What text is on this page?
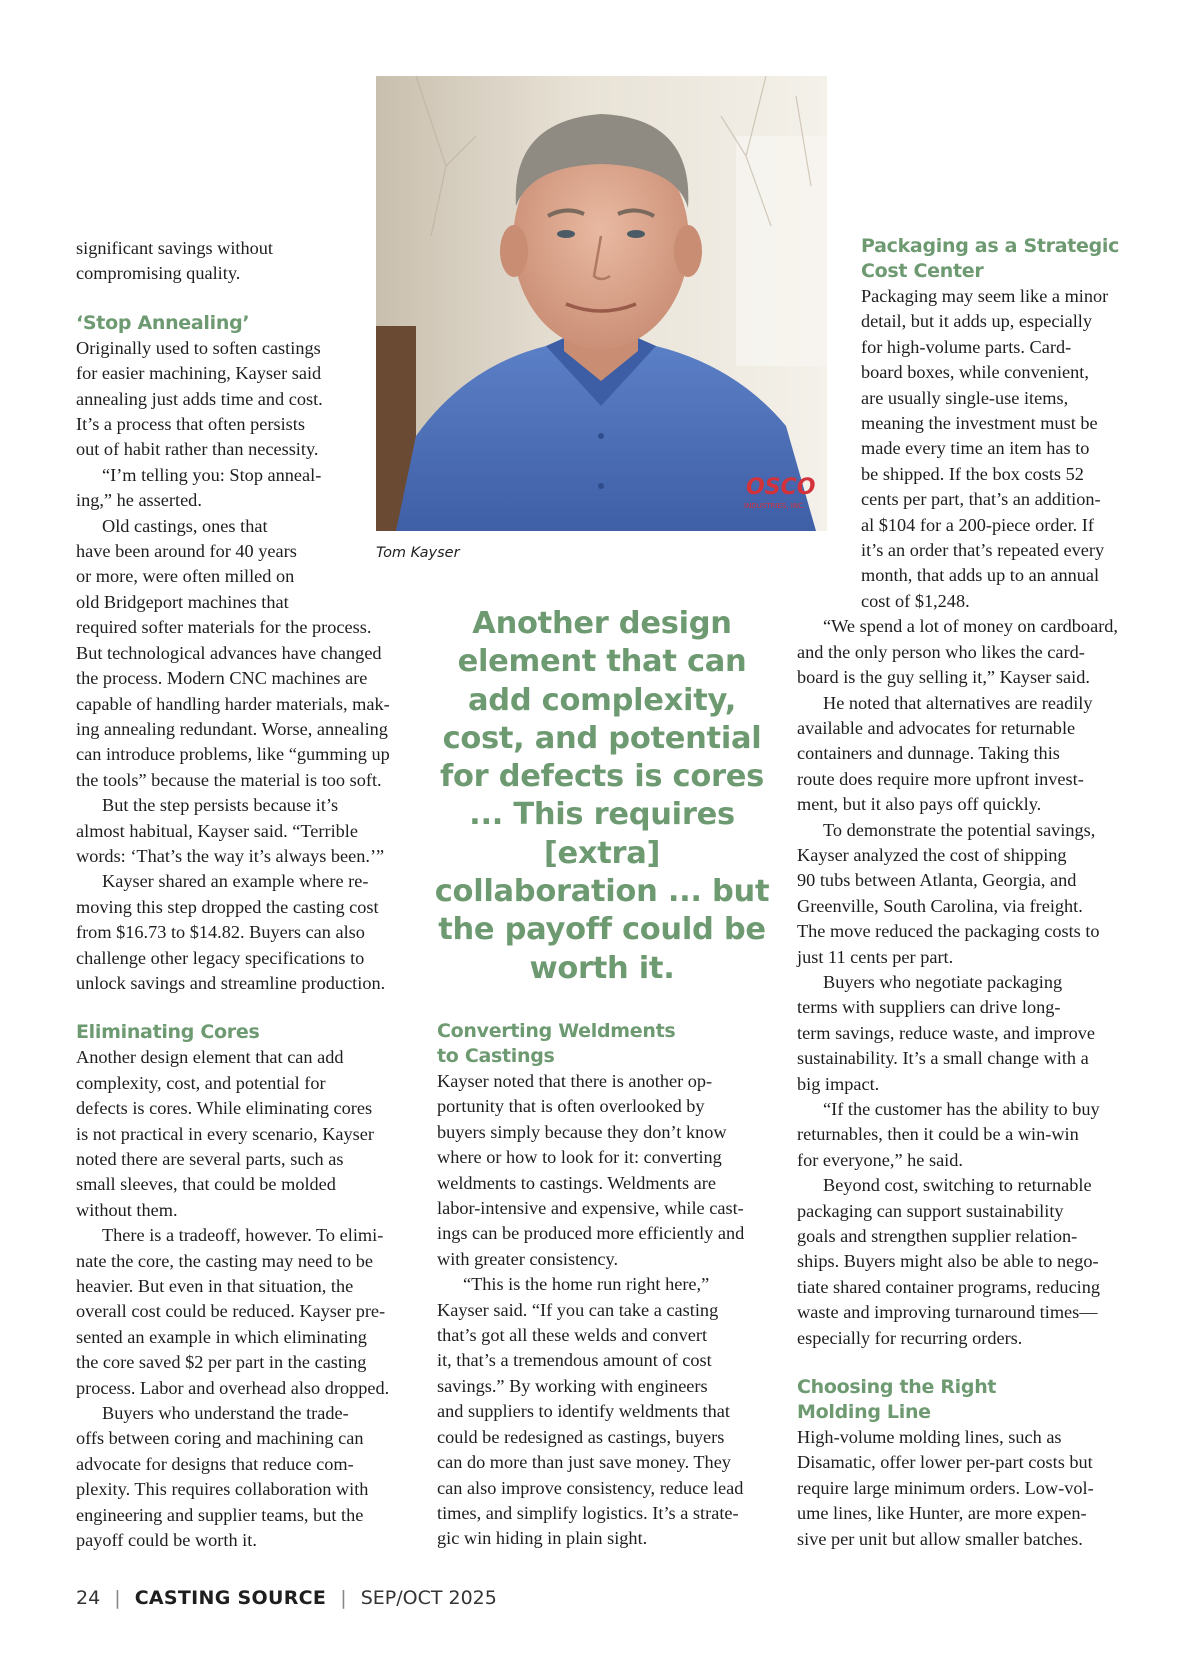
significant savings without
compromising quality.
‘Stop Annealing’
Originally used to soften castings
for easier machining, Kayser said
annealing just adds time and cost.
It’s a process that often persists
out of habit rather than necessity.
“I’m telling you: Stop anneal-
ing,” he asserted.
Old castings, ones that
have been around for 40 years
or more, were often milled on
old Bridgeport machines that
required softer materials for the process.
But technological advances have changed
the process. Modern CNC machines are
capable of handling harder materials, mak-
ing annealing redundant. Worse, annealing
can introduce problems, like “gumming up
the tools” because the material is too soft.
But the step persists because it’s
almost habitual, Kayser said. “Terrible
words: ‘That’s the way it’s always been.’”
Kayser shared an example where re-
moving this step dropped the casting cost
from $16.73 to $14.82. Buyers can also
challenge other legacy specifications to
unlock savings and streamline production.
Eliminating Cores
Another design element that can add
complexity, cost, and potential for
defects is cores. While eliminating cores
is not practical in every scenario, Kayser
noted there are several parts, such as
small sleeves, that could be molded
without them.
There is a tradeoff, however. To elimi-
nate the core, the casting may need to be
heavier. But even in that situation, the
overall cost could be reduced. Kayser pre-
sented an example in which eliminating
the core saved $2 per part in the casting
process. Labor and overhead also dropped.
Buyers who understand the trade-
offs between coring and machining can
advocate for designs that reduce com-
plexity. This requires collaboration with
engineering and supplier teams, but the
payoff could be worth it.
OSCO
INDUSTRIES, INC.
Tom Kayser
Another design element that can add complexity, cost, and potential for defects is cores ... This requires [extra] collaboration ... but the payoff could be worth it.
Converting Weldments
to Castings
Kayser noted that there is another op-
portunity that is often overlooked by
buyers simply because they don’t know
where or how to look for it: converting
weldments to castings. Weldments are
labor-intensive and expensive, while cast-
ings can be produced more efficiently and
with greater consistency.
“This is the home run right here,”
Kayser said. “If you can take a casting
that’s got all these welds and convert
it, that’s a tremendous amount of cost
savings.” By working with engineers
and suppliers to identify weldments that
could be redesigned as castings, buyers
can do more than just save money. They
can also improve consistency, reduce lead
times, and simplify logistics. It’s a strate-
gic win hiding in plain sight.
Packaging as a Strategic
Cost Center
Packaging may seem like a minor
detail, but it adds up, especially
for high-volume parts. Card-
board boxes, while convenient,
are usually single-use items,
meaning the investment must be
made every time an item has to
be shipped. If the box costs 52
cents per part, that’s an addition-
al $104 for a 200-piece order. If
it’s an order that’s repeated every
month, that adds up to an annual
cost of $1,248.
“We spend a lot of money on cardboard,
and the only person who likes the card-
board is the guy selling it,” Kayser said.
He noted that alternatives are readily
available and advocates for returnable
containers and dunnage. Taking this
route does require more upfront invest-
ment, but it also pays off quickly.
To demonstrate the potential savings,
Kayser analyzed the cost of shipping
90 tubs between Atlanta, Georgia, and
Greenville, South Carolina, via freight.
The move reduced the packaging costs to
just 11 cents per part.
Buyers who negotiate packaging
terms with suppliers can drive long-
term savings, reduce waste, and improve
sustainability. It’s a small change with a
big impact.
“If the customer has the ability to buy
returnables, then it could be a win-win
for everyone,” he said.
Beyond cost, switching to returnable
packaging can support sustainability
goals and strengthen supplier relation-
ships. Buyers might also be able to nego-
tiate shared container programs, reducing
waste and improving turnaround times—
especially for recurring orders.
Choosing the Right
Molding Line
High-volume molding lines, such as
Disamatic, offer lower per-part costs but
require large minimum orders. Low-vol-
ume lines, like Hunter, are more expen-
sive per unit but allow smaller batches.
24 | CASTING SOURCE | SEP/OCT 2025
